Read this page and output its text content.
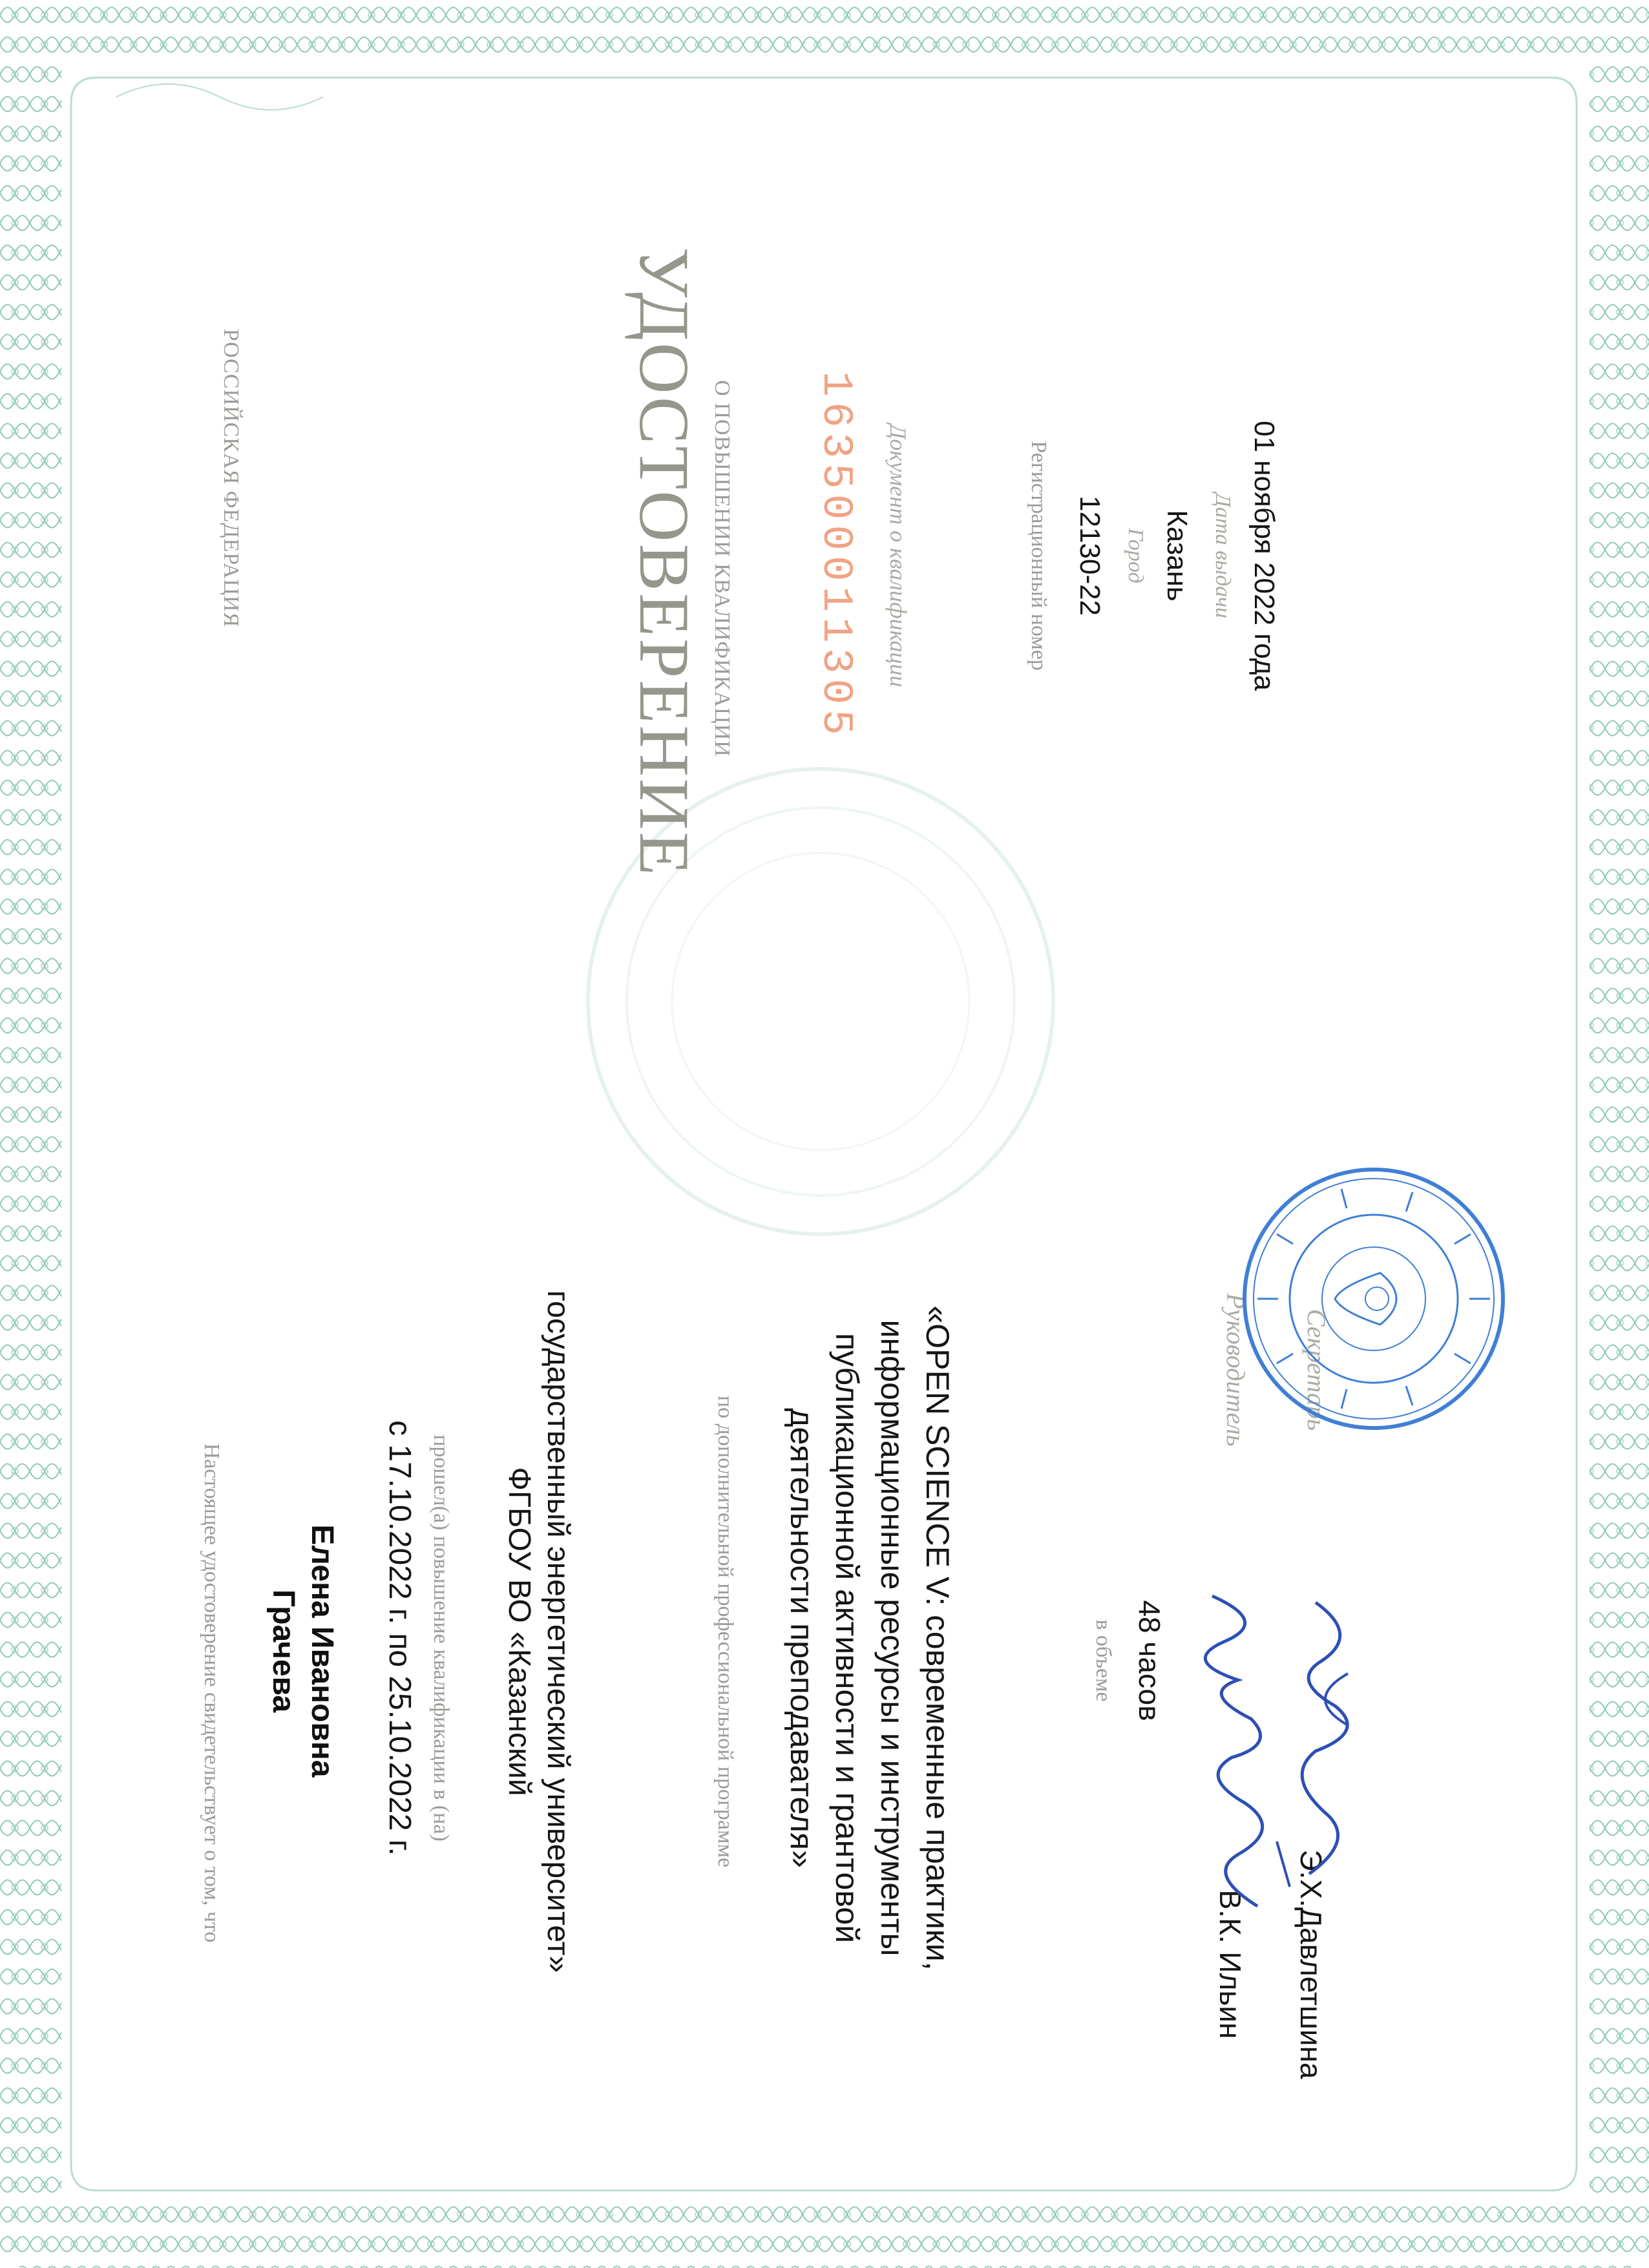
РОССИЙСКАЯ ФЕДЕРАЦИЯ	УДОСТОВЕРЕНИЕ О ПОВЫШЕНИИ КВАЛИФИКАЦИИ 163500011305 Документ о квалификации	Регистрационный номер 12130-22 Город Казань Дата выдачи 01 ноября 2022 года
Настоящее удостоверение свидетельствует о том, что Грачева Елена Ивановна с 17.10.2022 г. по 25.10.2022 г. прошел(а) повышение квалификации в (на) ФГБОУ ВО «Казанский государственный энергетический университет»	по дополнительной профессиональной программе	«OPEN SCIENCE V: современные практики, информационные ресурсы и инструменты публикационной активности и грантовой деятельности преподавателя»	в объеме 48 часов
Руководитель
В.К. Ильин
Секретарь
Э.Х.Давлетшина
